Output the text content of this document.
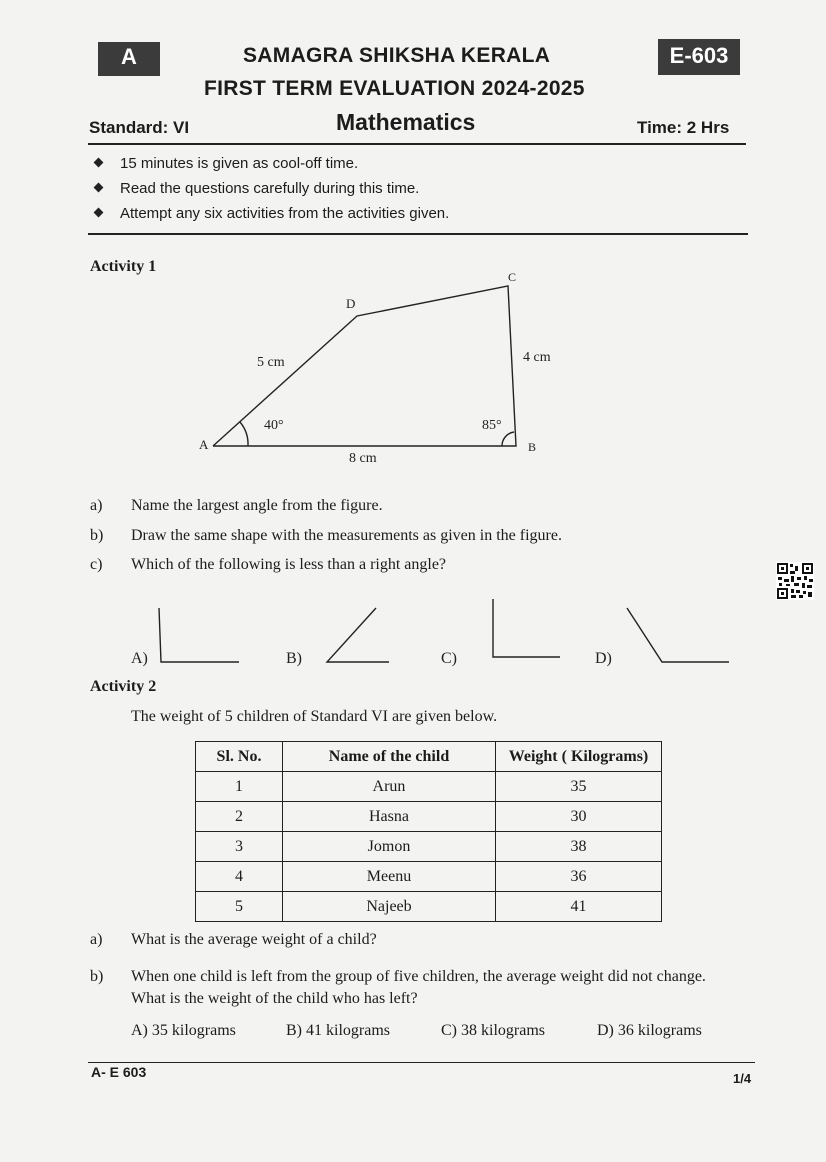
A	E-603
SAMAGRA SHIKSHA KERALA
FIRST TERM EVALUATION 2024-2025
Standard: VI	Mathematics	Time: 2 Hrs
15 minutes is given as cool-off time.
Read the questions carefully during this time.
Attempt any six activities from the activities given.
Activity 1
A	B
C
D
5 cm	4 cm
8 cm
40°	85°
a) Name the largest angle from the figure.
b) Draw the same shape with the measurements as given in the figure.
c) Which of the following is less than a right angle?
A)	B)	C)	D)
Activity 2
The weight of 5 children of Standard VI are given below.
Sl. No.	Name of the child	Weight ( Kilograms)
1	Arun	35
2	Hasna	30
3	Jomon	38
4	Meenu	36
5	Najeeb	41
a) What is the average weight of a child?
b) When one child is left from the group of five children, the average weight did not change.
What is the weight of the child who has left?
A) 35 kilograms	B) 41 kilograms	C) 38 kilograms	D) 36 kilograms
A- E 603	1/4
